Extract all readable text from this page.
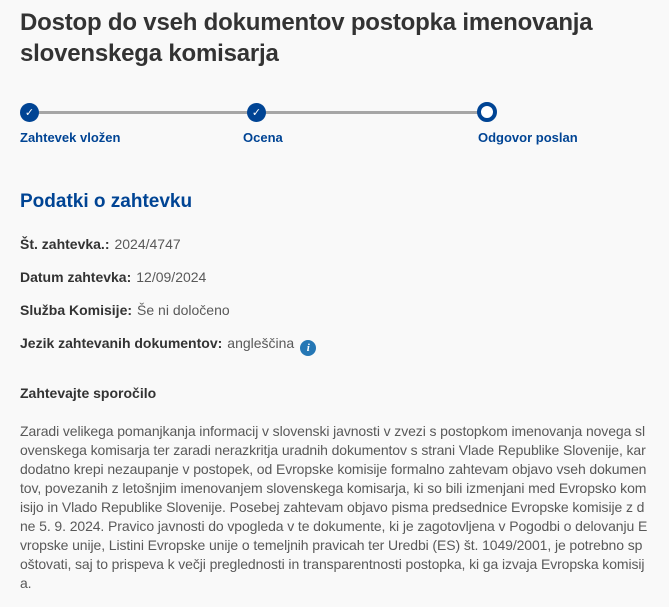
Dostop do vseh dokumentov postopka imenovanja slovenskega komisarja
✓	✓
Zahtevek vložen	Ocena	Odgovor poslan
Podatki o zahtevku
Št. zahtevka.: 2024/4747
Datum zahtevka: 12/09/2024
Služba Komisije: Še ni določeno
Jezik zahtevanih dokumentov: angleščina i
Zahtevajte sporočilo

Zaradi velikega pomanjkanja informacij v slovenski javnosti v zvezi s postopkom imenovanja novega slovenskega komisarja ter zaradi nerazkritja uradnih dokumentov s strani Vlade Republike Slovenije, kar dodatno krepi nezaupanje v postopek, od Evropske komisije formalno zahtevam objavo vseh dokumentov, povezanih z letošnjim imenovanjem slovenskega komisarja, ki so bili izmenjani med Evropsko komisijo in Vlado Republike Slovenije. Posebej zahtevam objavo pisma predsednice Evropske komisije z dne 5. 9. 2024. Pravico javnosti do vpogleda v te dokumente, ki je zagotovljena v Pogodbi o delovanju Evropske unije, Listini Evropske unije o temeljnih pravicah ter Uredbi (ES) št. 1049/2001, je potrebno spoštovati, saj to prispeva k večji preglednosti in transparentnosti postopka, ki ga izvaja Evropska komisija.
